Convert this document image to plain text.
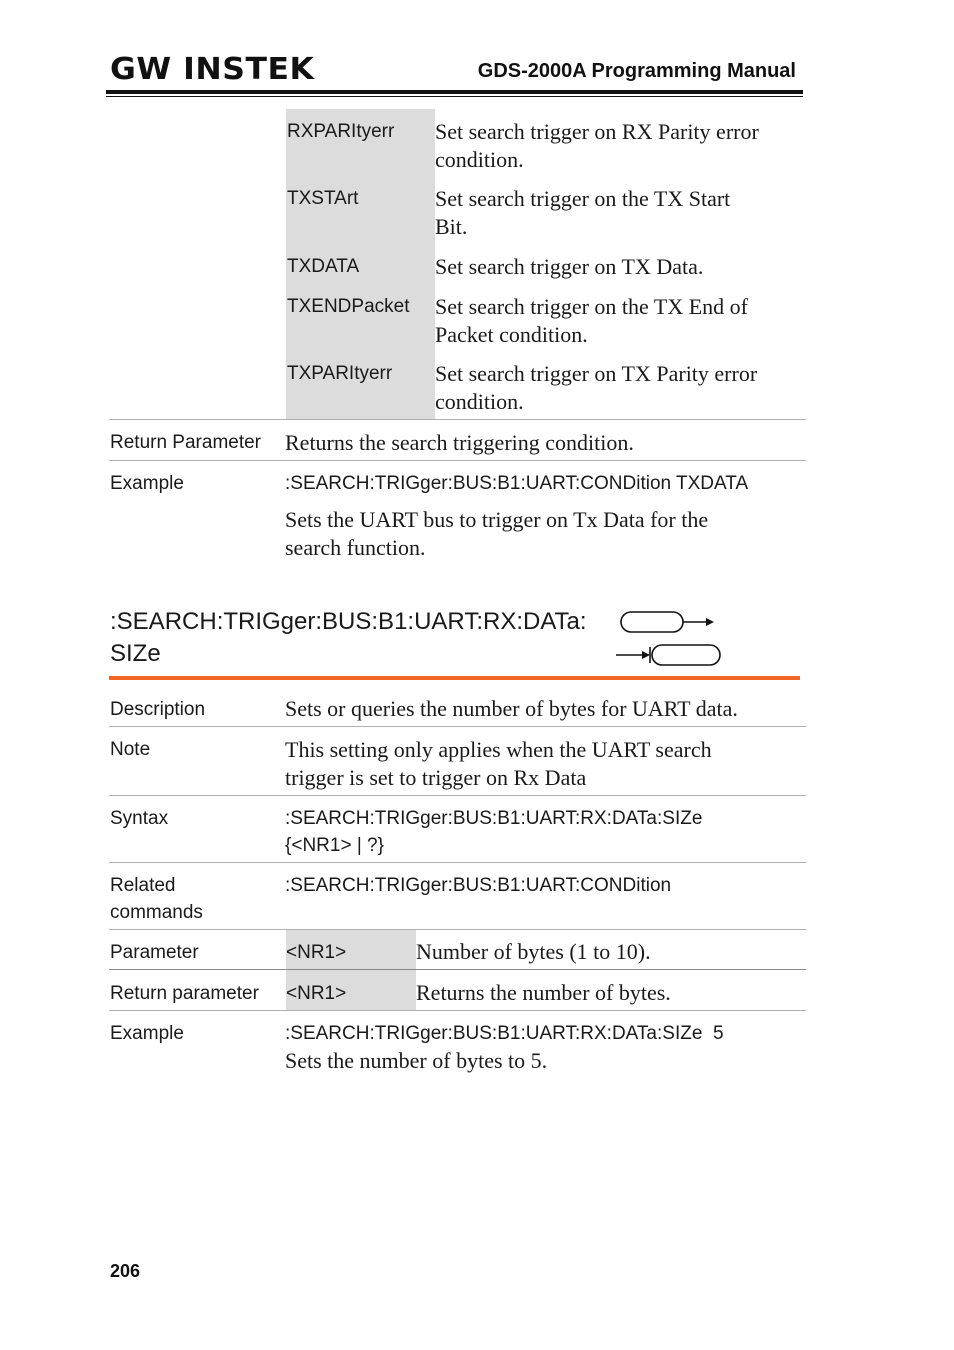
GW INSTEK	GDS-2000A Programming Manual
RXPARItyerr Set search trigger on RX Parity error
condition.
TXSTArt	Set search trigger on the TX Start
Bit.
TXDATA	Set search trigger on TX Data.
TXENDPacket Set search trigger on the TX End of
Packet condition.
TXPARItyerr Set search trigger on TX Parity error
condition.
Return Parameter Returns the search triggering condition.
Example	:SEARCH:TRIGger:BUS:B1:UART:CONDition TXDATA
Sets the UART bus to trigger on Tx Data for the
search function.
:SEARCH:TRIGger:BUS:B1:UART:RX:DATa:
SIZe
Description	Sets or queries the number of bytes for UART data.
Note	This setting only applies when the UART search
trigger is set to trigger on Rx Data
Syntax	:SEARCH:TRIGger:BUS:B1:UART:RX:DATa:SIZe
{<NR1> | ?}
Related
commands
:SEARCH:TRIGger:BUS:B1:UART:CONDition
Parameter	<NR1>	Number of bytes (1 to 10).
Return parameter <NR1>	Returns the number of bytes.
Example	:SEARCH:TRIGger:BUS:B1:UART:RX:DATa:SIZe  5
Sets the number of bytes to 5.
206
